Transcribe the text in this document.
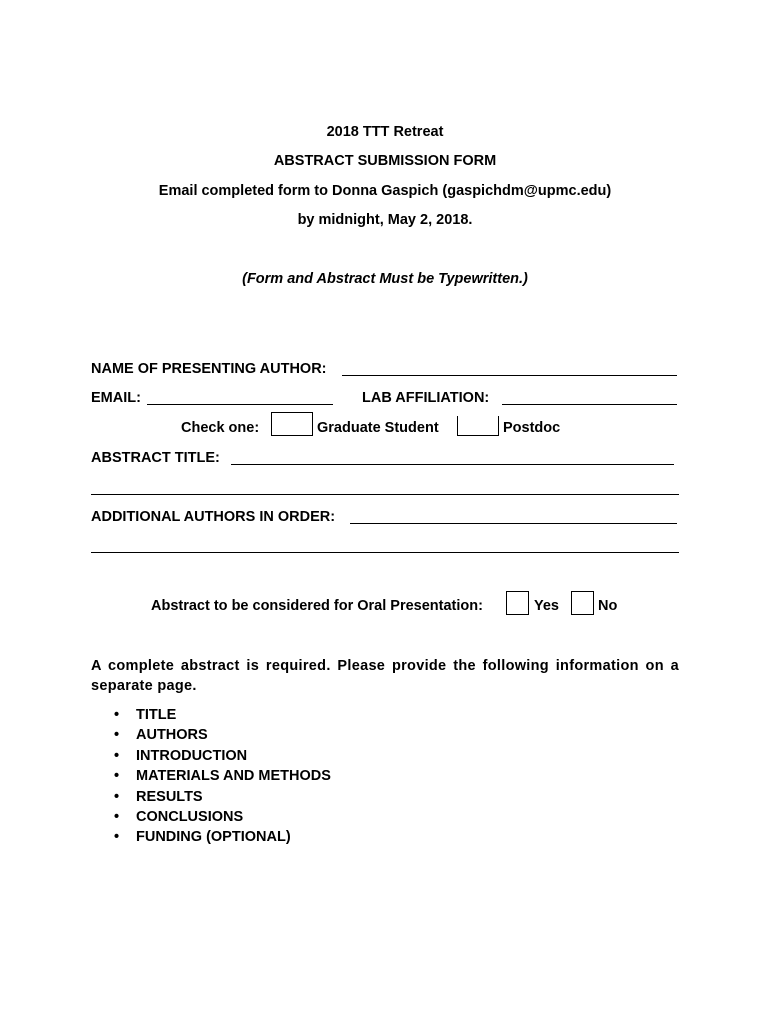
2018 TTT Retreat
ABSTRACT SUBMISSION FORM
Email completed form to Donna Gaspich (gaspichdm@upmc.edu)
by midnight, May 2, 2018.
(Form and Abstract Must be Typewritten.)
NAME OF PRESENTING AUTHOR:
EMAIL:	LAB AFFILIATION:
Check one:	Graduate Student	Postdoc
ABSTRACT TITLE:
ADDITIONAL AUTHORS IN ORDER:
Abstract to be considered for Oral Presentation:	Yes	No
A complete abstract is required. Please provide the following information on a separate page.
• TITLE
• AUTHORS
• INTRODUCTION
• MATERIALS AND METHODS
• RESULTS
• CONCLUSIONS
• FUNDING (OPTIONAL)
